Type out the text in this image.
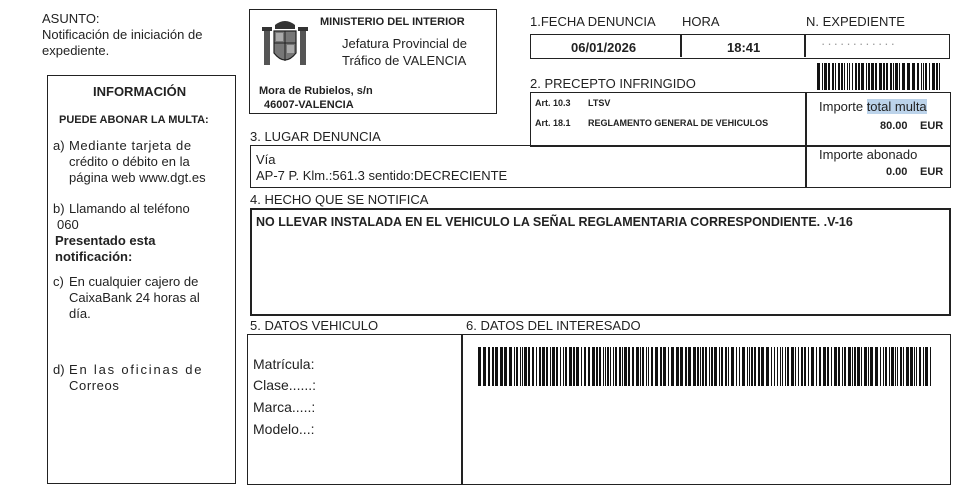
ASUNTO:
Notificación de iniciación de
expediente.
MINISTERIO DEL INTERIOR
Jefatura Provincial de
Tráfico de VALENCIA
Mora de Rubielos, s/n
46007-VALENCIA
INFORMACIÓN
PUEDE ABONAR LA MULTA:
a) Mediante tarjeta de
crédito o débito en la
página web www.dgt.es
b) Llamando al teléfono
060
Presentado esta
notificación:
c) En cualquier cajero de
CaixaBank 24 horas al
día.
d) En las oficinas de
Correos
1.FECHA DENUNCIA HORA	N. EXPEDIENTE
06/01/2026	18:41	············
2. PRECEPTO INFRINGIDO
Art. 10.3 LTSV
Art. 18.1 REGLAMENTO GENERAL DE VEHICULOS
Importe total multa
80.00 EUR
Importe abonado
0.00 EUR
3. LUGAR DENUNCIA
Vía
AP-7 P. Klm.:561.3 sentido:DECRECIENTE
4. HECHO QUE SE NOTIFICA
NO LLEVAR INSTALADA EN EL VEHICULO LA SEÑAL REGLAMENTARIA CORRESPONDIENTE. .V-16
5. DATOS VEHICULO	6. DATOS DEL INTERESADO
Matrícula:
Clase......:
Marca.....:
Modelo...:
